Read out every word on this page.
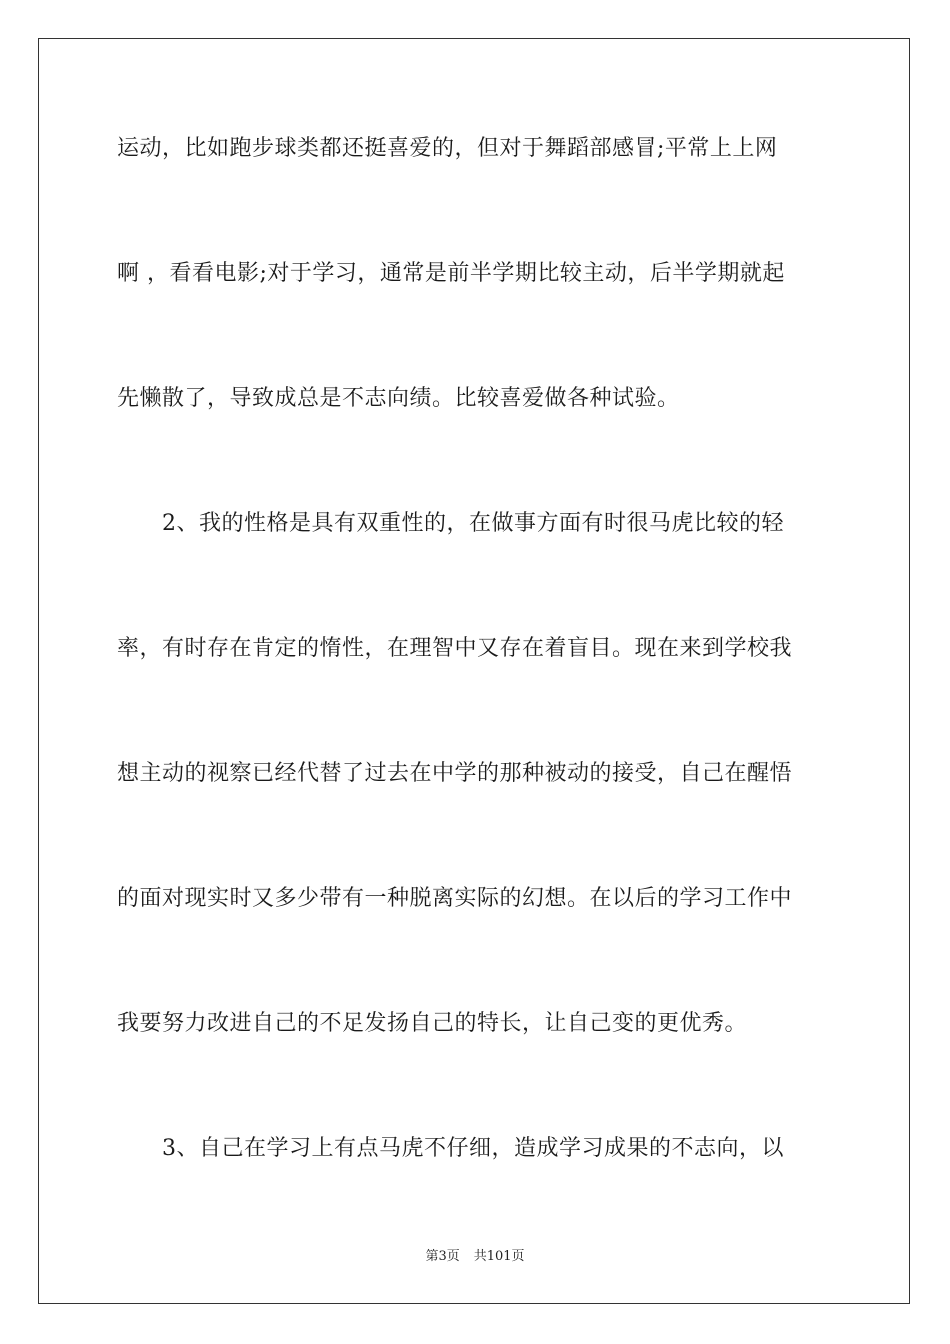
运动，比如跑步球类都还挺喜爱的，但对于舞蹈部感冒;平常上上网
啊 ，看看电影;对于学习，通常是前半学期比较主动，后半学期就起
先懒散了，导致成总是不志向绩。比较喜爱做各种试验。
　　2、我的性格是具有双重性的，在做事方面有时很马虎比较的轻
率，有时存在肯定的惰性，在理智中又存在着盲目。现在来到学校我
想主动的视察已经代替了过去在中学的那种被动的接受，自己在醒悟
的面对现实时又多少带有一种脱离实际的幻想。在以后的学习工作中
我要努力改进自己的不足发扬自己的特长，让自己变的更优秀。
　　3、自己在学习上有点马虎不仔细，造成学习成果的不志向，以
第3页 共101页
